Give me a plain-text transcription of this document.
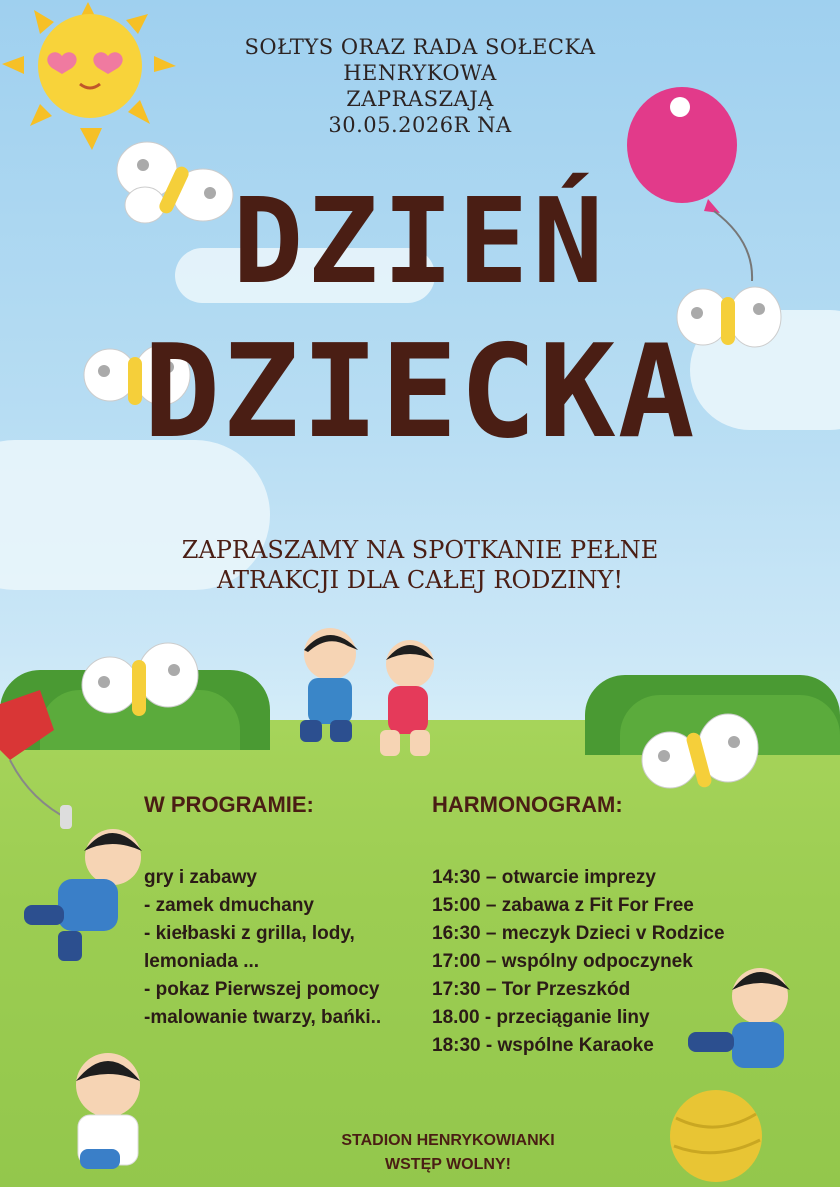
SOŁTYS ORAZ RADA SOŁECKA
HENRYKOWA
ZAPRASZAJĄ
30.05.2026R NA
DZIEŃ
DZIECKA
ZAPRASZAMY NA SPOTKANIE PEŁNE
ATRAKCJI DLA CAŁEJ RODZINY!

W PROGRAMIE:

gry i zabawy
- zamek dmuchany
- kiełbaski z grilla, lody,
lemoniada ...
- pokaz Pierwszej pomocy
-malowanie twarzy, bańki..

HARMONOGRAM:

14:30 – otwarcie imprezy
15:00 – zabawa z Fit For Free
16:30 – meczyk Dzieci v Rodzice
17:00 – wspólny odpoczynek
17:30 – Tor Przeszkód
18.00 - przeciąganie liny
18:30 - wspólne Karaoke
STADION HENRYKOWIANKI
WSTĘP WOLNY!
